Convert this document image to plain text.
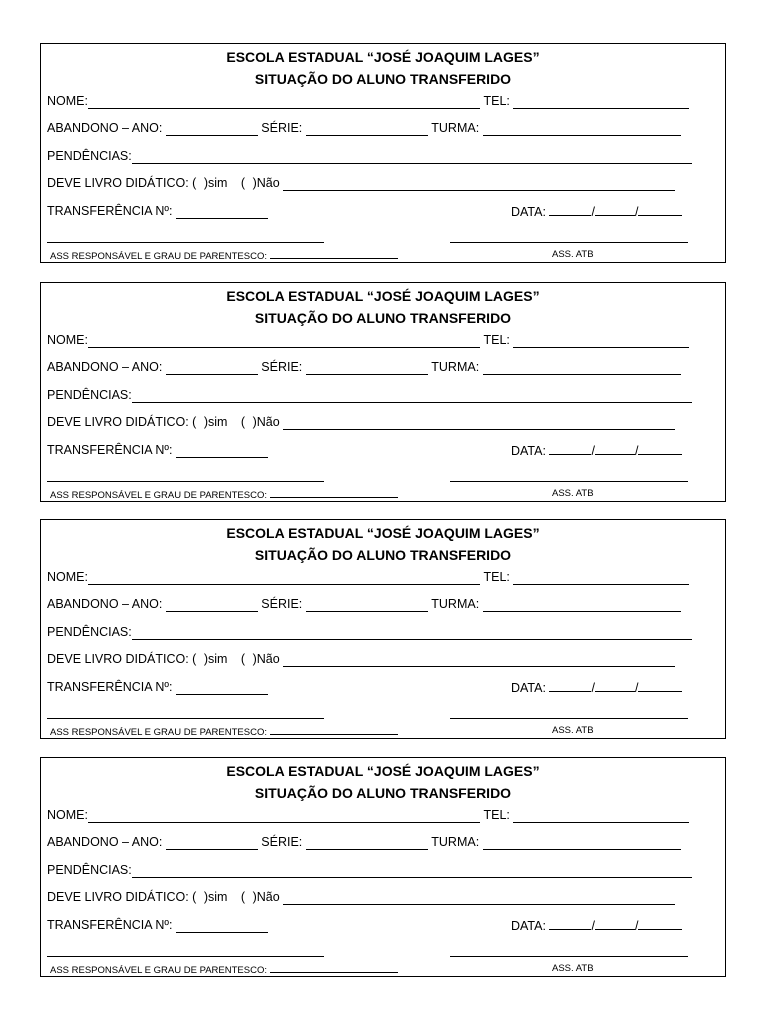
ESCOLA ESTADUAL “JOSÉ JOAQUIM LAGES”
SITUAÇÃO DO ALUNO TRANSFERIDO
NOME:	TEL:
ABANDONO – ANO:	SÉRIE:	TURMA:
PENDÊNCIAS:
DEVE LIVRO DIDÁTICO: ( )sim ( )Não
TRANSFERÊNCIA Nº:	DATA:	/	/
ASS RESPONSÁVEL E GRAU DE PARENTESCO:	ASS. ATB
ESCOLA ESTADUAL “JOSÉ JOAQUIM LAGES”
SITUAÇÃO DO ALUNO TRANSFERIDO
NOME:	TEL:
ABANDONO – ANO:	SÉRIE:	TURMA:
PENDÊNCIAS:
DEVE LIVRO DIDÁTICO: ( )sim ( )Não
TRANSFERÊNCIA Nº:	DATA:	/	/
ASS RESPONSÁVEL E GRAU DE PARENTESCO:	ASS. ATB
ESCOLA ESTADUAL “JOSÉ JOAQUIM LAGES”
SITUAÇÃO DO ALUNO TRANSFERIDO
NOME:	TEL:
ABANDONO – ANO:	SÉRIE:	TURMA:
PENDÊNCIAS:
DEVE LIVRO DIDÁTICO: ( )sim ( )Não
TRANSFERÊNCIA Nº:	DATA:	/	/
ASS RESPONSÁVEL E GRAU DE PARENTESCO:	ASS. ATB
ESCOLA ESTADUAL “JOSÉ JOAQUIM LAGES”
SITUAÇÃO DO ALUNO TRANSFERIDO
NOME:	TEL:
ABANDONO – ANO:	SÉRIE:	TURMA:
PENDÊNCIAS:
DEVE LIVRO DIDÁTICO: ( )sim ( )Não
TRANSFERÊNCIA Nº:	DATA:	/	/
ASS RESPONSÁVEL E GRAU DE PARENTESCO:	ASS. ATB
